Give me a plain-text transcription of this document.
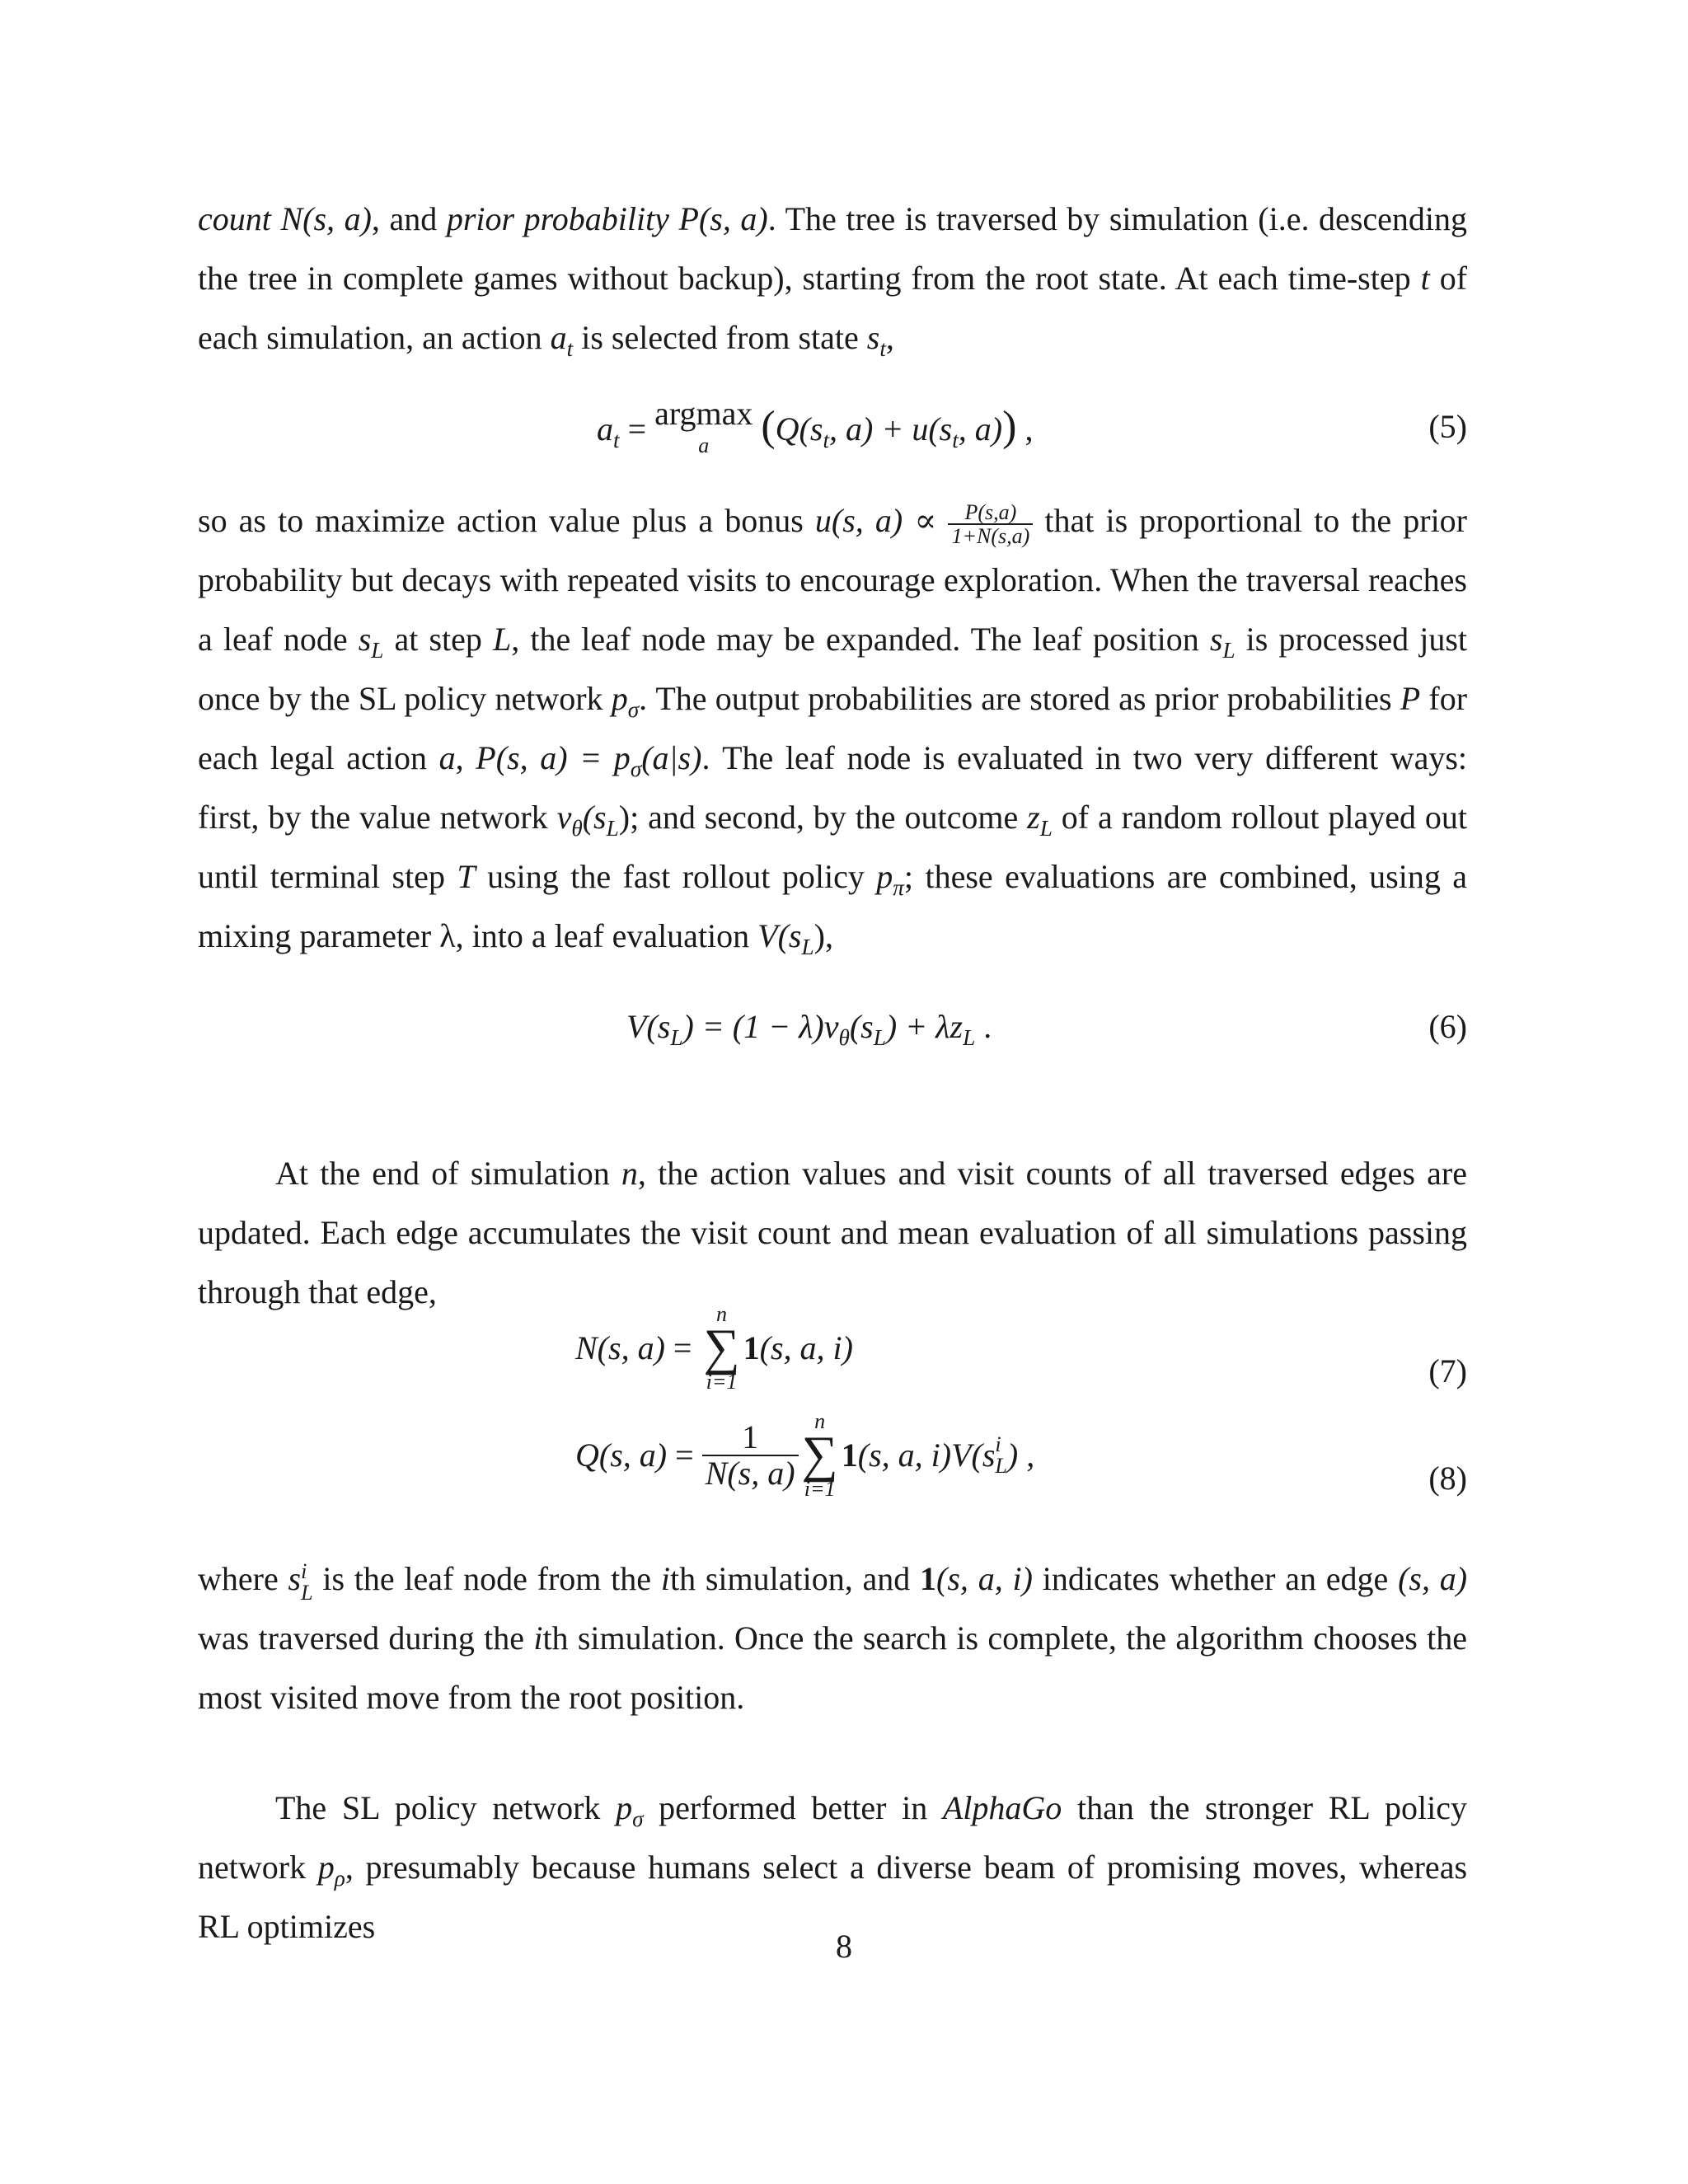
count N(s, a), and prior probability P(s, a). The tree is traversed by simulation (i.e. descending the tree in complete games without backup), starting from the root state. At each time-step t of each simulation, an action $a_t$ is selected from state $s_t$,

$a_t = argmax$
a	($Q(s_t$, $a) + u(s_t$, a)) ,	(5)

so as to maximize action value plus a bonus u(s, $a) \propto \frac{P(s,a)}{1+N(s,a)}$ that is proportional to the prior probability but decays with repeated visits to encourage exploration. When the traversal reaches a leaf node $s_L$ at step L, the leaf node may be expanded. The leaf position $s_L$ is processed just once by the SL policy network $p_\sigma$. The output probabilities are stored as prior probabilities P for each legal action a, P(s, $a) = p_\sigma(a|s)$. The leaf node is evaluated in two very different ways: first, by the value network $v_\theta(s_L)$; and second, by the outcome $z_L$ of a random rollout played out until terminal step T using the fast rollout policy $p_\pi$; these evaluations are combined, using a mixing parameter λ, into a leaf evaluation $V(s_L)$,

$V(s_L) = (1 - \lambda)v_\theta(s_L) + \lambda z_L$ .	(6)

At the end of simulation n, the action values and visit counts of all traversed edges are updated. Each edge accumulates the visit count and mean evaluation of all simulations passing through that edge,

N(s, a) =
n
∑
i=1
1(s, a, i)
(7)
Q(s, $a) = \frac{1}{N(s, a)}$ n
∑
i=1
1(s, a, i)V(s i
L ) ,
(8)

where s i
L is the leaf node from the ith simulation, and 1(s, a, i) indicates whether an edge (s, a) was traversed during the ith simulation. Once the search is complete, the algorithm chooses the most visited move from the root position.

The SL policy network $p_\sigma$ performed better in AlphaGo than the stronger RL policy network $p_\rho$, presumably because humans select a diverse beam of promising moves, whereas RL optimizes

8
